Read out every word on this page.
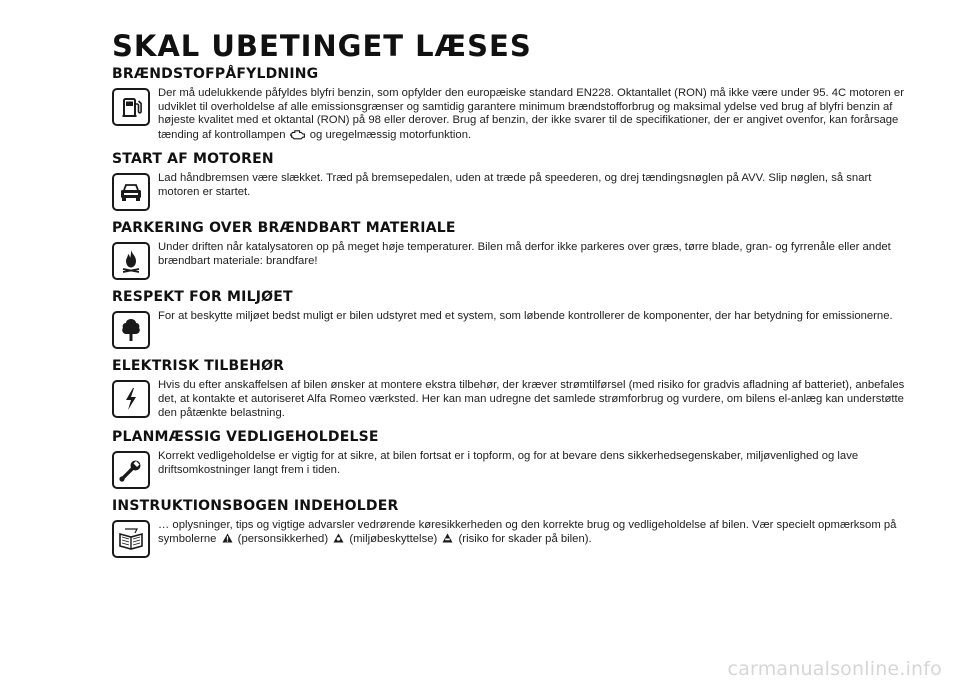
SKAL UBETINGET LÆSES
BRÆNDSTOFPÅFYLDNING
Der må udelukkende påfyldes blyfri benzin, som opfylder den europæiske standard EN228. Oktantallet (RON) må ikke være under 95. 4C motoren er udviklet til overholdelse af alle emissionsgrænser og samtidig garantere minimum brændstofforbrug og maksimal ydelse ved brug af blyfri benzin af højeste kvalitet med et oktantal (RON) på 98 eller derover. Brug af benzin, der ikke svarer til de specifikationer, der er angivet ovenfor, kan forårsage tænding af kontrollampen  og uregelmæssig motorfunktion.
START AF MOTOREN
Lad håndbremsen være slækket. Træd på bremsepedalen, uden at træde på speederen, og drej tændingsnøglen på AVV. Slip nøglen, så snart motoren er startet.
PARKERING OVER BRÆNDBART MATERIALE
Under driften når katalysatoren op på meget høje temperaturer. Bilen må derfor ikke parkeres over græs, tørre blade, gran- og fyrrenåle eller andet brændbart materiale: brandfare!
RESPEKT FOR MILJØET
For at beskytte miljøet bedst muligt er bilen udstyret med et system, som løbende kontrollerer de komponenter, der har betydning for emissionerne.
ELEKTRISK TILBEHØR
Hvis du efter anskaffelsen af bilen ønsker at montere ekstra tilbehør, der kræver strømtilførsel (med risiko for gradvis afladning af batteriet), anbefales det, at kontakte et autoriseret Alfa Romeo værksted. Her kan man udregne det samlede strømforbrug og vurdere, om bilens el-anlæg kan understøtte den påtænkte belastning.
PLANMÆSSIG VEDLIGEHOLDELSE
Korrekt vedligeholdelse er vigtig for at sikre, at bilen fortsat er i topform, og for at bevare dens sikkerhedsegenskaber, miljøvenlighed og lave driftsomkostninger langt frem i tiden.
INSTRUKTIONSBOGEN INDEHOLDER
… oplysninger, tips og vigtige advarsler vedrørende køresikkerheden og den korrekte brug og vedligeholdelse af bilen. Vær specielt opmærksom på symbolerne  (personsikkerhed)  (miljøbeskyttelse)  (risiko for skader på bilen).
carmanualsonline.info
